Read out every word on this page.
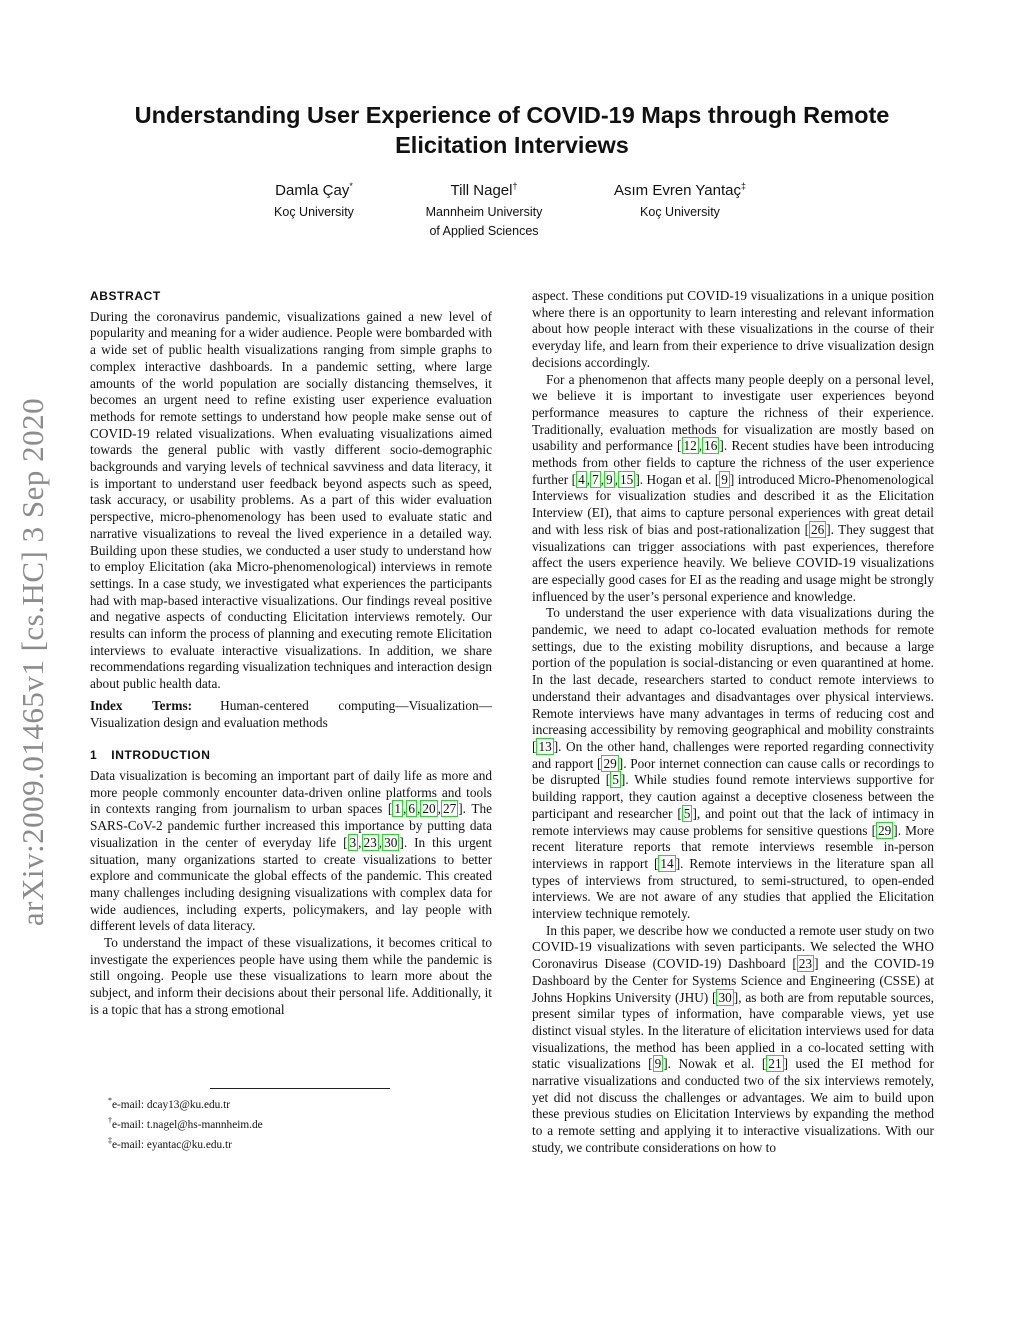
arXiv:2009.01465v1 [cs.HC] 3 Sep 2020
Understanding User Experience of COVID-19 Maps through Remote Elicitation Interviews
Damla Çay*
Koç University
Till Nagel†
Mannheim University
of Applied Sciences
Asım Evren Yantaç‡
Koç University
ABSTRACT

During the coronavirus pandemic, visualizations gained a new level of popularity and meaning for a wider audience. People were bombarded with a wide set of public health visualizations ranging from simple graphs to complex interactive dashboards. In a pandemic setting, where large amounts of the world population are socially distancing themselves, it becomes an urgent need to refine existing user experience evaluation methods for remote settings to understand how people make sense out of COVID-19 related visualizations. When evaluating visualizations aimed towards the general public with vastly different socio-demographic backgrounds and varying levels of technical savviness and data literacy, it is important to understand user feedback beyond aspects such as speed, task accuracy, or usability problems. As a part of this wider evaluation perspective, micro-phenomenology has been used to evaluate static and narrative visualizations to reveal the lived experience in a detailed way. Building upon these studies, we conducted a user study to understand how to employ Elicitation (aka Micro-phenomenological) interviews in remote settings. In a case study, we investigated what experiences the participants had with map-based interactive visualizations. Our findings reveal positive and negative aspects of conducting Elicitation interviews remotely. Our results can inform the process of planning and executing remote Elicitation interviews to evaluate interactive visualizations. In addition, we share recommendations regarding visualization techniques and interaction design about public health data.

Index Terms: Human-centered computing—Visualization—Visualization design and evaluation methods

1 INTRODUCTION

Data visualization is becoming an important part of daily life as more and more people commonly encounter data-driven online platforms and tools in contexts ranging from journalism to urban spaces [ 1 , 6 , 20 , 27 ]. The SARS-CoV-2 pandemic further increased this importance by putting data visualization in the center of everyday life [ 3 , 23 , 30 ]. In this urgent situation, many organizations started to create visualizations to better explore and communicate the global effects of the pandemic. This created many challenges including designing visualizations with complex data for wide audiences, including experts, policymakers, and lay people with different levels of data literacy.

To understand the impact of these visualizations, it becomes critical to investigate the experiences people have using them while the pandemic is still ongoing. People use these visualizations to learn more about the subject, and inform their decisions about their personal life. Additionally, it is a topic that has a strong emotional

aspect. These conditions put COVID-19 visualizations in a unique position where there is an opportunity to learn interesting and relevant information about how people interact with these visualizations in the course of their everyday life, and learn from their experience to drive visualization design decisions accordingly.

For a phenomenon that affects many people deeply on a personal level, we believe it is important to investigate user experiences beyond performance measures to capture the richness of their experience. Traditionally, evaluation methods for visualization are mostly based on usability and performance [ 12 , 16 ]. Recent studies have been introducing methods from other fields to capture the richness of the user experience further [ 4 , 7 , 9 , 15 ]. Hogan et al. [ 9 ] introduced Micro-Phenomenological Interviews for visualization studies and described it as the Elicitation Interview (EI), that aims to capture personal experiences with great detail and with less risk of bias and post-rationalization [ 26 ]. They suggest that visualizations can trigger associations with past experiences, therefore affect the users experience heavily. We believe COVID-19 visualizations are especially good cases for EI as the reading and usage might be strongly influenced by the user’s personal experience and knowledge.

To understand the user experience with data visualizations during the pandemic, we need to adapt co-located evaluation methods for remote settings, due to the existing mobility disruptions, and because a large portion of the population is social-distancing or even quarantined at home. In the last decade, researchers started to conduct remote interviews to understand their advantages and disadvantages over physical interviews. Remote interviews have many advantages in terms of reducing cost and increasing accessibility by removing geographical and mobility constraints [ 13 ]. On the other hand, challenges were reported regarding connectivity and rapport [ 29 ]. Poor internet connection can cause calls or recordings to be disrupted [ 5 ]. While studies found remote interviews supportive for building rapport, they caution against a deceptive closeness between the participant and researcher [ 5 ], and point out that the lack of intimacy in remote interviews may cause problems for sensitive questions [ 29 ]. More recent literature reports that remote interviews resemble in-person interviews in rapport [ 14 ]. Remote interviews in the literature span all types of interviews from structured, to semi-structured, to open-ended interviews. We are not aware of any studies that applied the Elicitation interview technique remotely.

In this paper, we describe how we conducted a remote user study on two COVID-19 visualizations with seven participants. We selected the WHO Coronavirus Disease (COVID-19) Dashboard [ 23 ] and the COVID-19 Dashboard by the Center for Systems Science and Engineering (CSSE) at Johns Hopkins University (JHU) [ 30 ], as both are from reputable sources, present similar types of information, have comparable views, yet use distinct visual styles. In the literature of elicitation interviews used for data visualizations, the method has been applied in a co-located setting with static visualizations [ 9 ]. Nowak et al. [ 21 ] used the EI method for narrative visualizations and conducted two of the six interviews remotely, yet did not discuss the challenges or advantages. We aim to build upon these previous studies on Elicitation Interviews by expanding the method to a remote setting and applying it to interactive visualizations. With our study, we contribute considerations on how to

*e-mail: dcay13@ku.edu.tr
†e-mail: t.nagel@hs-mannheim.de
‡e-mail: eyantac@ku.edu.tr
